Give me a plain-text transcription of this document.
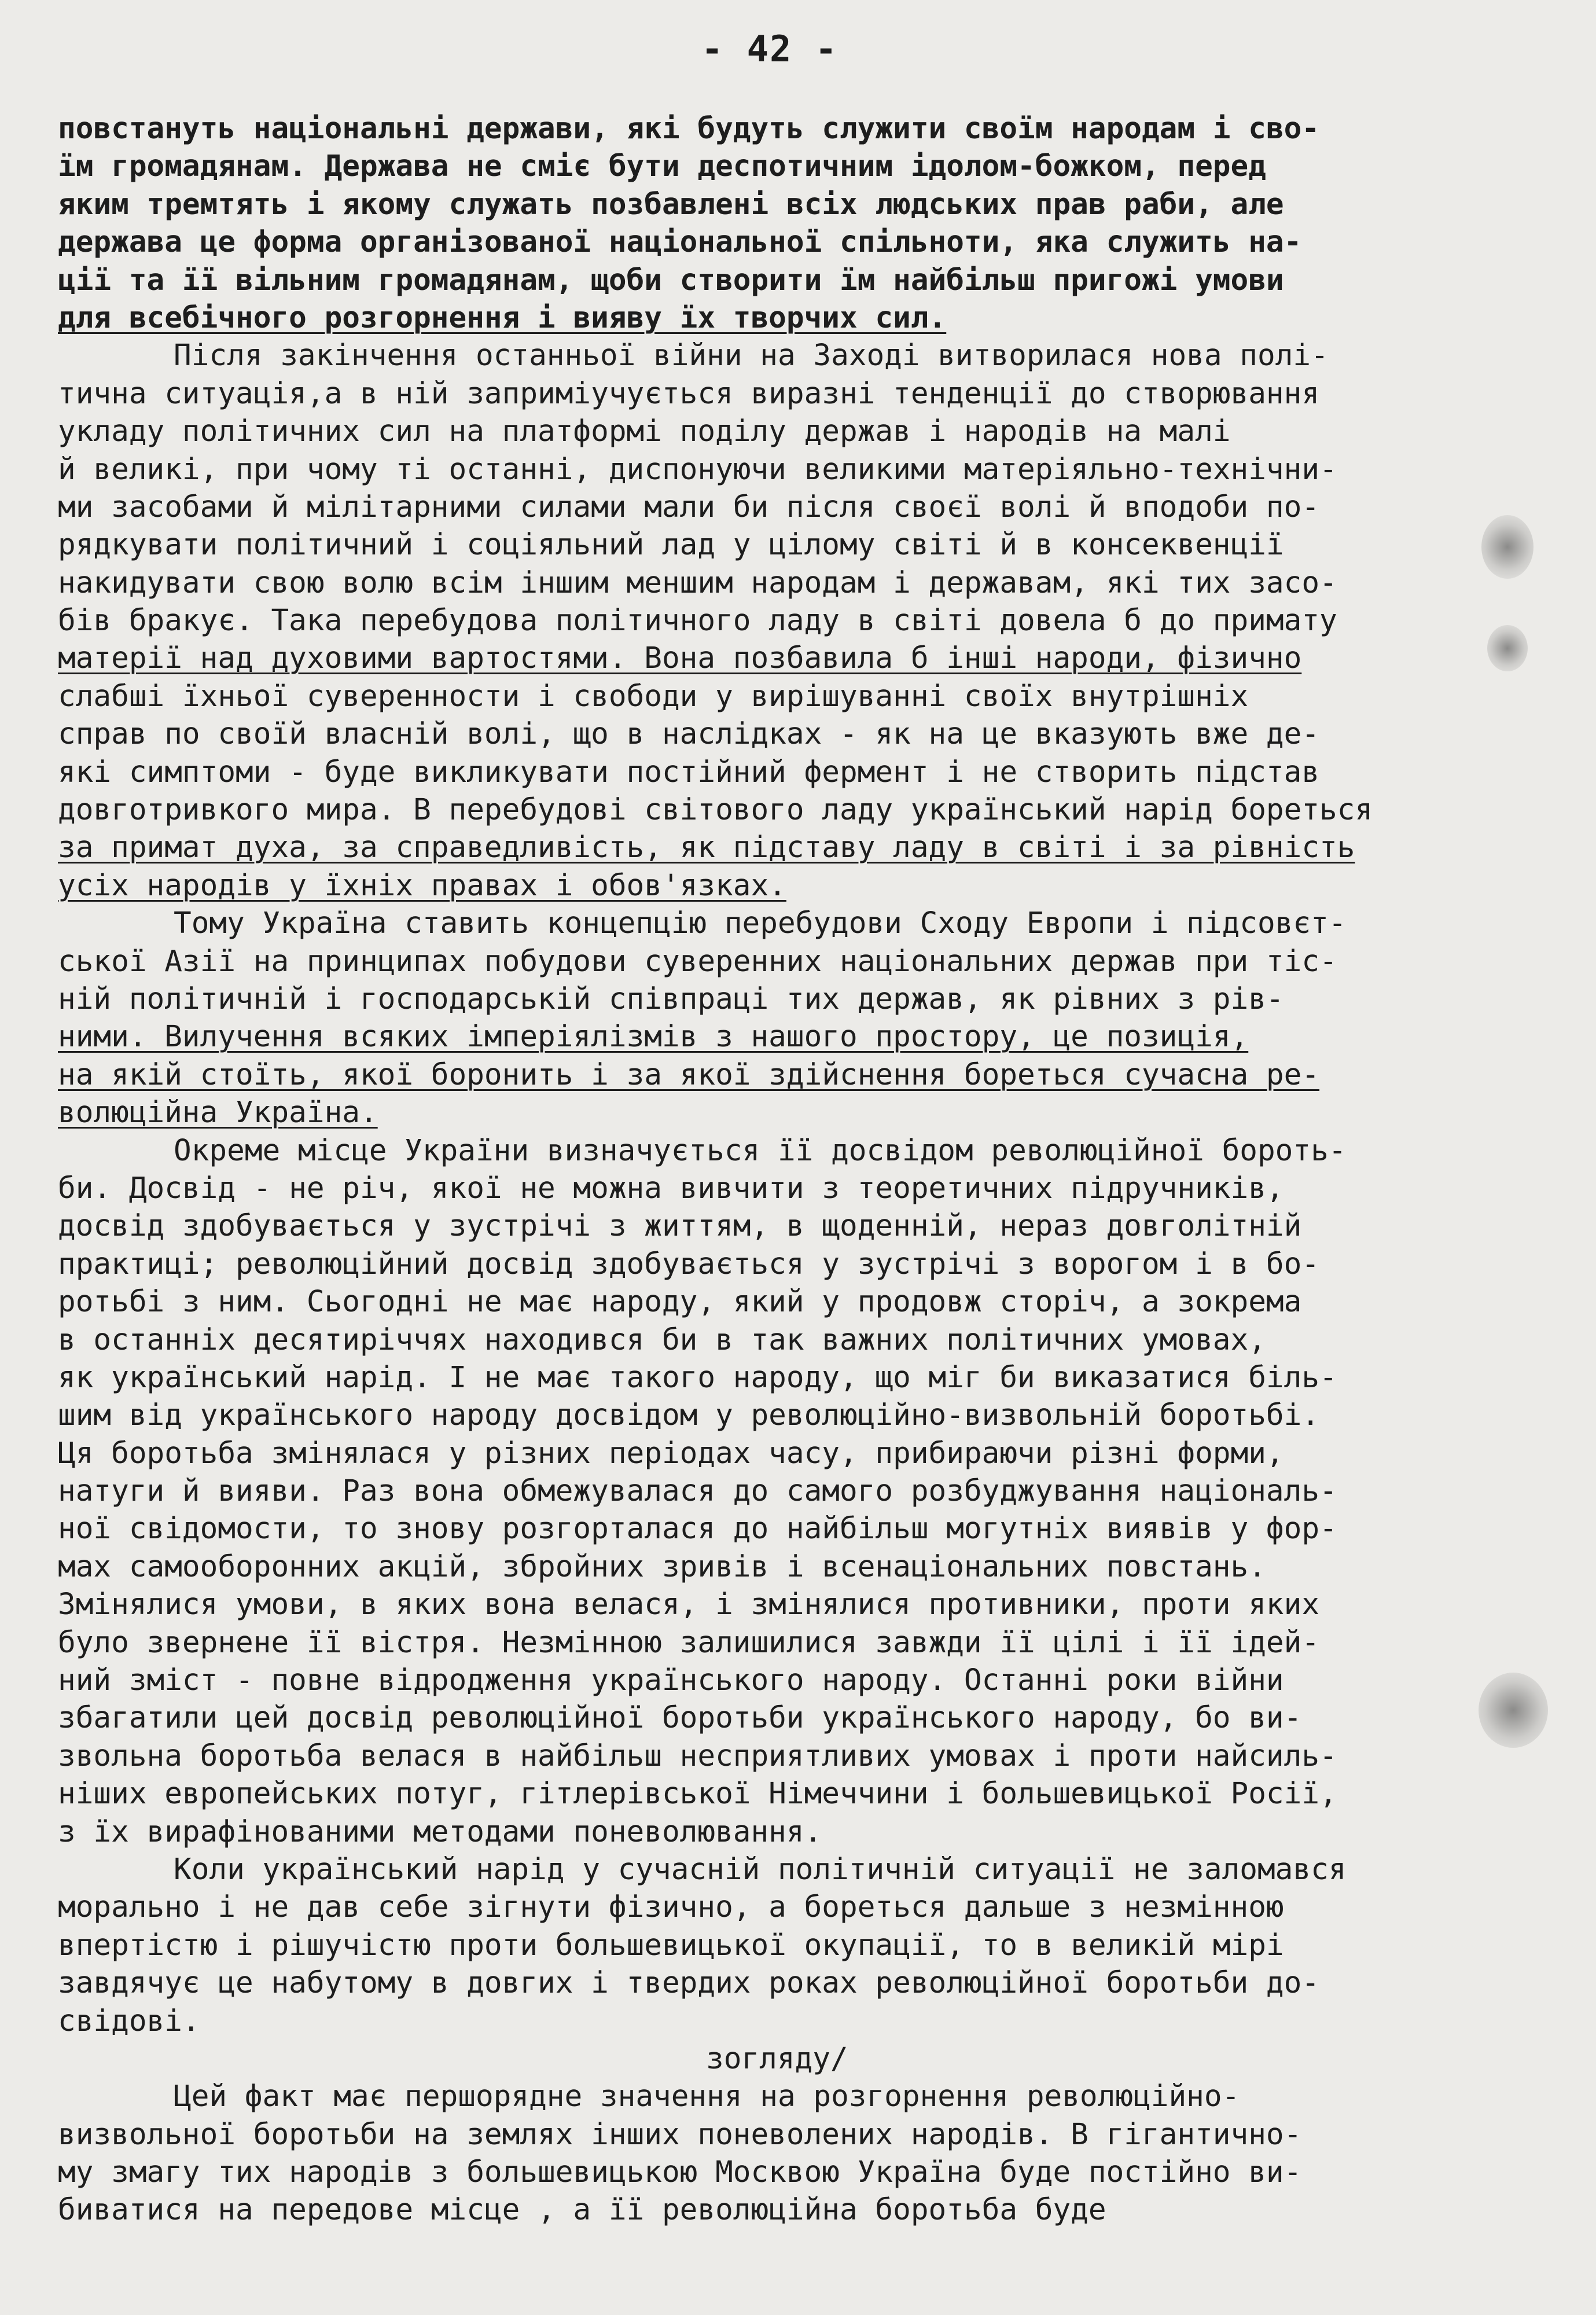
- 42 -
повстануть національні держави, які будуть служити своїм народам і сво-
їм громадянам. Держава не сміє бути деспотичним ідолом-божком, перед
яким тремтять і якому служать позбавлені всіх людських прав раби, але
держава це форма організованої національної спільноти, яка служить на-
ції та її вільним громадянам, щоби створити їм найбільш пригожі умови
для всебічного розгорнення і вияву їх творчих сил.
Після закінчення останньої війни на Заході витворилася нова полі-
тична ситуація,а в ній заприміучується виразні тенденції до створювання
укладу політичних сил на платформі поділу держав і народів на малі
й великі, при чому ті останні, диспонуючи великими матеріяльно-технічни-
ми засобами й мілітарними силами мали би після своєї волі й вподоби по-
рядкувати політичний і соціяльний лад у цілому світі й в консеквенції
накидувати свою волю всім іншим меншим народам і державам, які тих засо-
бів бракує. Така перебудова політичного ладу в світі довела б до примату
матерії над духовими вартостями. Вона позбавила б інші народи, фізично
слабші їхньої суверенности і свободи у вирішуванні своїх внутрішніх
справ по своїй власній волі, що в наслідках - як на це вказують вже де-
які симптоми - буде викликувати постійний фермент і не створить підстав
довготривкого мира. В перебудові світового ладу український нарід бореться
за примат духа, за справедливість, як підставу ладу в світі і за рівність
усіх народів у їхніх правах і обов'язках.
Тому Україна ставить концепцію перебудови Сходу Европи і підсовєт-
ської Азії на принципах побудови суверенних національних держав при тіс-
ній політичній і господарській співпраці тих держав, як рівних з рів-
ними. Вилучення всяких імперіялізмів з нашого простору, це позиція,
на якій стоїть, якої боронить і за якої здійснення бореться сучасна ре-
волюційна Україна.
Окреме місце України визначується її досвідом революційної бороть-
би. Досвід - не річ, якої не можна вивчити з теоретичних підручників,
досвід здобувається у зустрічі з життям, в щоденній, нераз довголітній
практиці; революційний досвід здобувається у зустрічі з ворогом і в бо-
ротьбі з ним. Сьогодні не має народу, який у продовж сторіч, а зокрема
в останніх десятиріччях находився би в так важних політичних умовах,
як український нарід. І не має такого народу, що міг би виказатися біль-
шим від українського народу досвідом у революційно-визвольній боротьбі.
Ця боротьба змінялася у різних періодах часу, прибираючи різні форми,
натуги й вияви. Раз вона обмежувалася до самого розбуджування національ-
ної свідомости, то знову розгорталася до найбільш могутніх виявів у фор-
мах самооборонних акцій, збройних зривів і всенаціональних повстань.
Змінялися умови, в яких вона велася, і змінялися противники, проти яких
було звернене її вістря. Незмінною залишилися завжди її цілі і її ідей-
ний зміст - повне відродження українського народу. Останні роки війни
збагатили цей досвід революційної боротьби українського народу, бо ви-
звольна боротьба велася в найбільш несприятливих умовах і проти найсиль-
ніших европейських потуг, гітлерівської Німеччини і большевицької Росії,
з їх вирафінованими методами поневолювання.
Коли український нарід у сучасній політичній ситуації не заломався
морально і не дав себе зігнути фізично, а бореться дальше з незмінною
впертістю і рішучістю проти большевицької окупації, то в великій мірі
завдячує це набутому в довгих і твердих роках революційної боротьби до-
свідові.
зогляду/
Цей факт має першорядне значення на розгорнення революційно-
визвольної боротьби на землях інших поневолених народів. В гігантично-
му змагу тих народів з большевицькою Москвою Україна буде постійно ви-
биватися на передове місце , а її революційна боротьба буде
